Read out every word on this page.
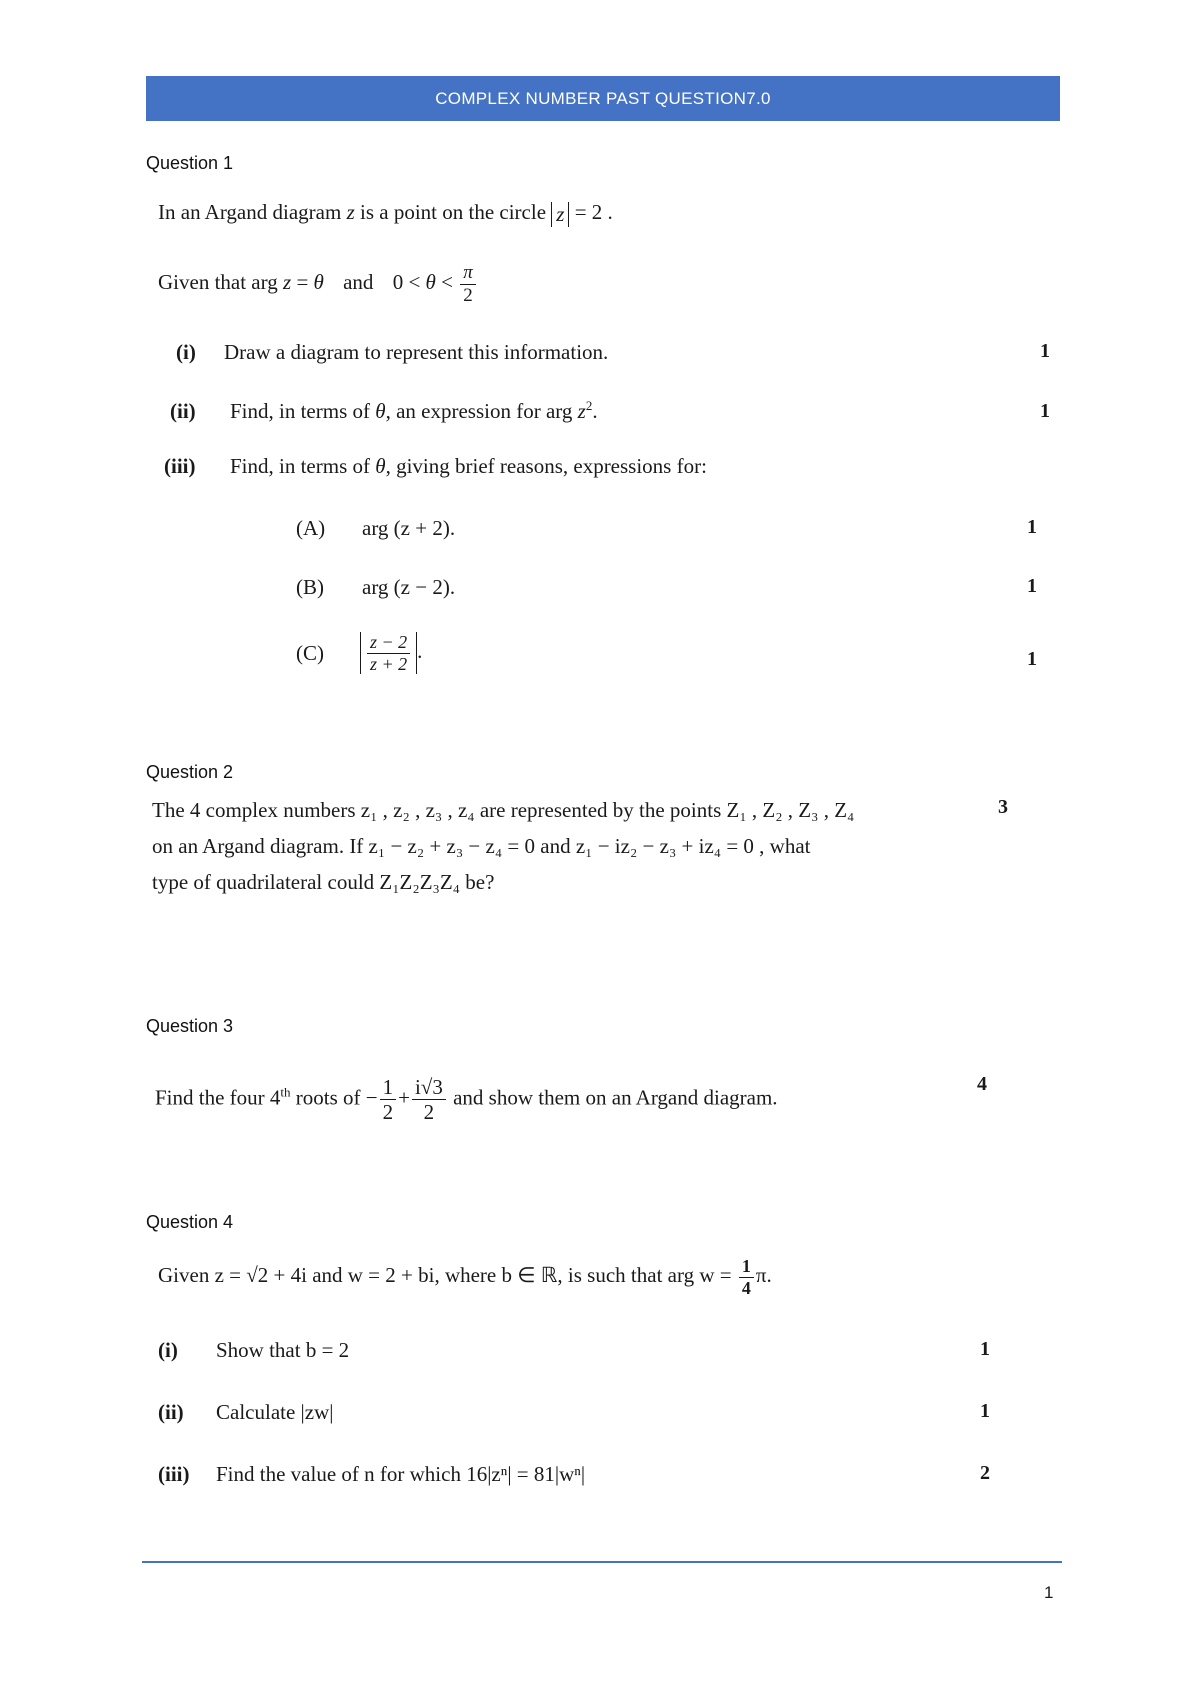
COMPLEX NUMBER PAST QUESTION7.0
Question 1
In an Argand diagram z is a point on the circle z = 2 .
Given that arg z = θ and $0 < \theta < \frac{\pi}{2}$
(i) Draw a diagram to represent this information.	1
(ii) Find, in terms of θ, an expression for arg $z^2$.	1
(iii) Find, in terms of θ, giving brief reasons, expressions for:
(A) arg (z + 2).	1
(B) arg (z − 2).	1
$(C) \frac{z - 2}{z + 2}$ .	1
Question 2
The 4 complex numbers z₁ , z₂ , z₃ , z₄ are represented by the points Z₁ , Z₂ , Z₃ , Z₄	3
on an Argand diagram. If z₁ − z₂ + z₃ − z₄ = 0 and z₁ − iz₂ − z₃ + iz₄ = 0 , what
type of quadrilateral could Z₁Z₂Z₃Z₄ be?
Question 3
Find the four 4th roots of − $\frac{1}{2} + \frac{i√3}{2}$ and show them on an Argand diagram.
4
Question 4
Given z = √2 + 4i and w = 2 + bi, where b ∈ ℝ, is such that arg $w = \frac{1}{4} \pi$.
(i) Show that b = 2	1
(ii) Calculate |zw|	1
(iii) Find the value of n for which 16|zⁿ| = 81|wⁿ|	2
1
